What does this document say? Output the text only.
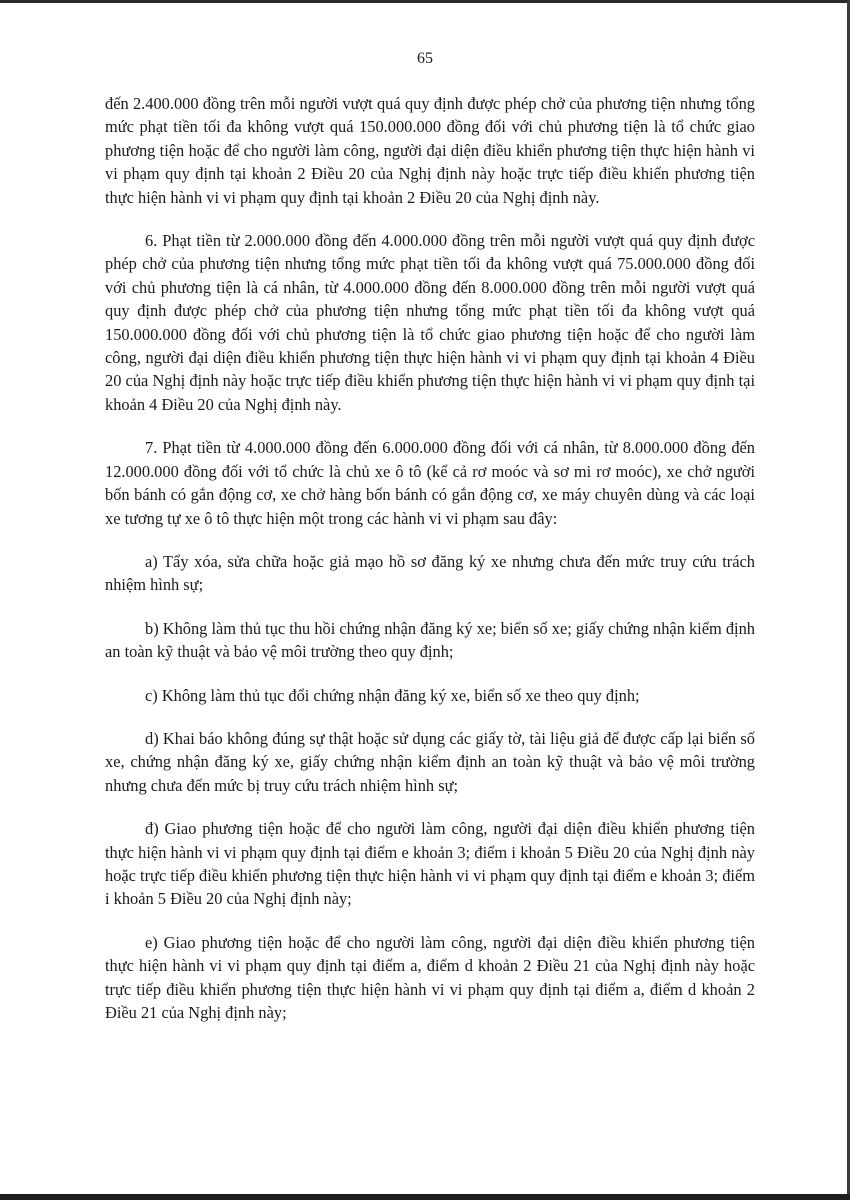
65

đến 2.400.000 đồng trên mỗi người vượt quá quy định được phép chở của phương tiện nhưng tổng mức phạt tiền tối đa không vượt quá 150.000.000 đồng đối với chủ phương tiện là tổ chức giao phương tiện hoặc để cho người làm công, người đại diện điều khiển phương tiện thực hiện hành vi vi phạm quy định tại khoản 2 Điều 20 của Nghị định này hoặc trực tiếp điều khiển phương tiện thực hiện hành vi vi phạm quy định tại khoản 2 Điều 20 của Nghị định này.

6. Phạt tiền từ 2.000.000 đồng đến 4.000.000 đồng trên mỗi người vượt quá quy định được phép chở của phương tiện nhưng tổng mức phạt tiền tối đa không vượt quá 75.000.000 đồng đối với chủ phương tiện là cá nhân, từ 4.000.000 đồng đến 8.000.000 đồng trên mỗi người vượt quá quy định được phép chở của phương tiện nhưng tổng mức phạt tiền tối đa không vượt quá 150.000.000 đồng đối với chủ phương tiện là tổ chức giao phương tiện hoặc để cho người làm công, người đại diện điều khiển phương tiện thực hiện hành vi vi phạm quy định tại khoản 4 Điều 20 của Nghị định này hoặc trực tiếp điều khiển phương tiện thực hiện hành vi vi phạm quy định tại khoản 4 Điều 20 của Nghị định này.

7. Phạt tiền từ 4.000.000 đồng đến 6.000.000 đồng đối với cá nhân, từ 8.000.000 đồng đến 12.000.000 đồng đối với tổ chức là chủ xe ô tô (kể cả rơ moóc và sơ mi rơ moóc), xe chở người bốn bánh có gắn động cơ, xe chở hàng bốn bánh có gắn động cơ, xe máy chuyên dùng và các loại xe tương tự xe ô tô thực hiện một trong các hành vi vi phạm sau đây:

a) Tẩy xóa, sửa chữa hoặc giả mạo hồ sơ đăng ký xe nhưng chưa đến mức truy cứu trách nhiệm hình sự;

b) Không làm thủ tục thu hồi chứng nhận đăng ký xe; biển số xe; giấy chứng nhận kiểm định an toàn kỹ thuật và bảo vệ môi trường theo quy định;

c) Không làm thủ tục đổi chứng nhận đăng ký xe, biển số xe theo quy định;

d) Khai báo không đúng sự thật hoặc sử dụng các giấy tờ, tài liệu giả để được cấp lại biển số xe, chứng nhận đăng ký xe, giấy chứng nhận kiểm định an toàn kỹ thuật và bảo vệ môi trường nhưng chưa đến mức bị truy cứu trách nhiệm hình sự;

đ) Giao phương tiện hoặc để cho người làm công, người đại diện điều khiển phương tiện thực hiện hành vi vi phạm quy định tại điểm e khoản 3; điểm i khoản 5 Điều 20 của Nghị định này hoặc trực tiếp điều khiển phương tiện thực hiện hành vi vi phạm quy định tại điểm e khoản 3; điểm i khoản 5 Điều 20 của Nghị định này;

e) Giao phương tiện hoặc để cho người làm công, người đại diện điều khiển phương tiện thực hiện hành vi vi phạm quy định tại điểm a, điểm d khoản 2 Điều 21 của Nghị định này hoặc trực tiếp điều khiển phương tiện thực hiện hành vi vi phạm quy định tại điểm a, điểm d khoản 2 Điều 21 của Nghị định này;
